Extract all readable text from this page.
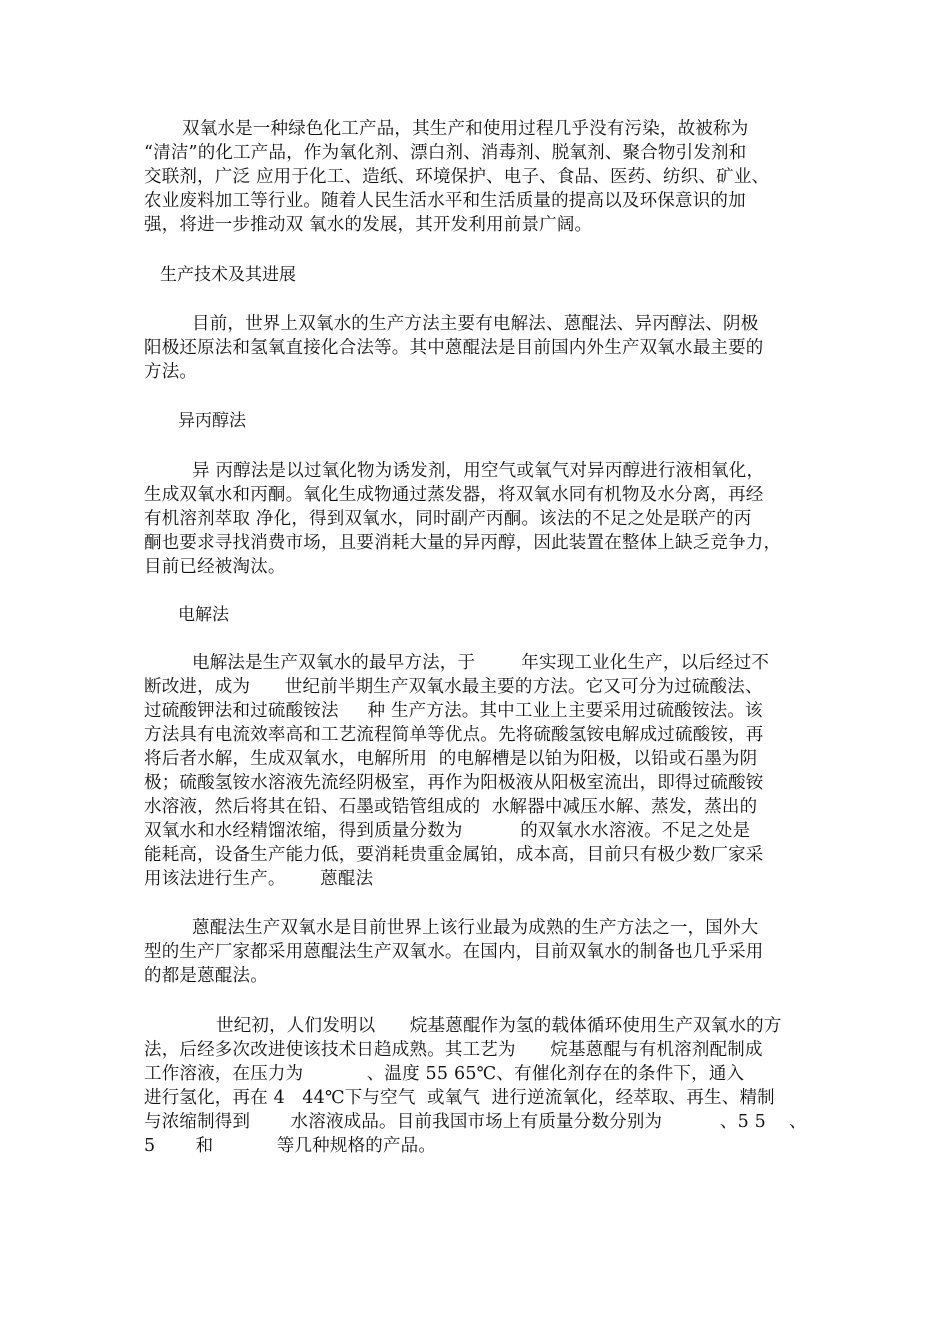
双氧水是一种绿色化工产品，其生产和使用过程几乎没有污染，故被称为
“清洁”的化工产品，作为氧化剂、漂白剂、消毒剂、脱氧剂、聚合物引发剂和
交联剂，广泛 应用于化工、造纸、环境保护、电子、食品、医药、纺织、矿业、
农业废料加工等行业。随着人民生活水平和生活质量的提高以及环保意识的加
强，将进一步推动双 氧水的发展，其开发利用前景广阔。
生产技术及其进展
目前，世界上双氧水的生产方法主要有电解法、蒽醌法、异丙醇法、阴极
阳极还原法和氢氧直接化合法等。其中蒽醌法是目前国内外生产双氧水最主要的
方法。
异丙醇法
异 丙醇法是以过氧化物为诱发剂，用空气或氧气对异丙醇进行液相氧化，
生成双氧水和丙酮。氧化生成物通过蒸发器，将双氧水同有机物及水分离，再经
有机溶剂萃取 净化，得到双氧水，同时副产丙酮。该法的不足之处是联产的丙
酮也要求寻找消费市场，且要消耗大量的异丙醇，因此装置在整体上缺乏竞争力，
目前已经被淘汰。
电解法
电解法是生产双氧水的最早方法，于        年实现工业化生产，以后经过不
断改进，成为      世纪前半期生产双氧水最主要的方法。它又可分为过硫酸法、
过硫酸钾法和过硫酸铵法     种 生产方法。其中工业上主要采用过硫酸铵法。该
方法具有电流效率高和工艺流程简单等优点。先将硫酸氢铵电解成过硫酸铵，再
将后者水解，生成双氧水，电解所用  的电解槽是以铂为阳极，以铅或石墨为阴
极；硫酸氢铵水溶液先流经阴极室，再作为阳极液从阳极室流出，即得过硫酸铵
水溶液，然后将其在铅、石墨或锆管组成的  水解器中减压水解、蒸发，蒸出的
双氧水和水经精馏浓缩，得到质量分数为          的双氧水水溶液。不足之处是
能耗高，设备生产能力低，要消耗贵重金属铂，成本高，目前只有极少数厂家采
用该法进行生产。      蒽醌法
蒽醌法生产双氧水是目前世界上该行业最为成熟的生产方法之一，国外大
型的生产厂家都采用蒽醌法生产双氧水。在国内，目前双氧水的制备也几乎采用
的都是蒽醌法。
世纪初，人们发明以      烷基蒽醌作为氢的载体循环使用生产双氧水的方
法，后经多次改进使该技术日趋成熟。其工艺为      烷基蒽醌与有机溶剂配制成
工作溶液，在压力为           、温度 55 65℃、有催化剂存在的条件下，通入
进行氢化，再在 4   44℃下与空气  或氧气  进行逆流氧化，经萃取、再生、精制
与浓缩制得到       水溶液成品。目前我国市场上有质量分数分别为          、5 5    、
5       和           等几种规格的产品。
